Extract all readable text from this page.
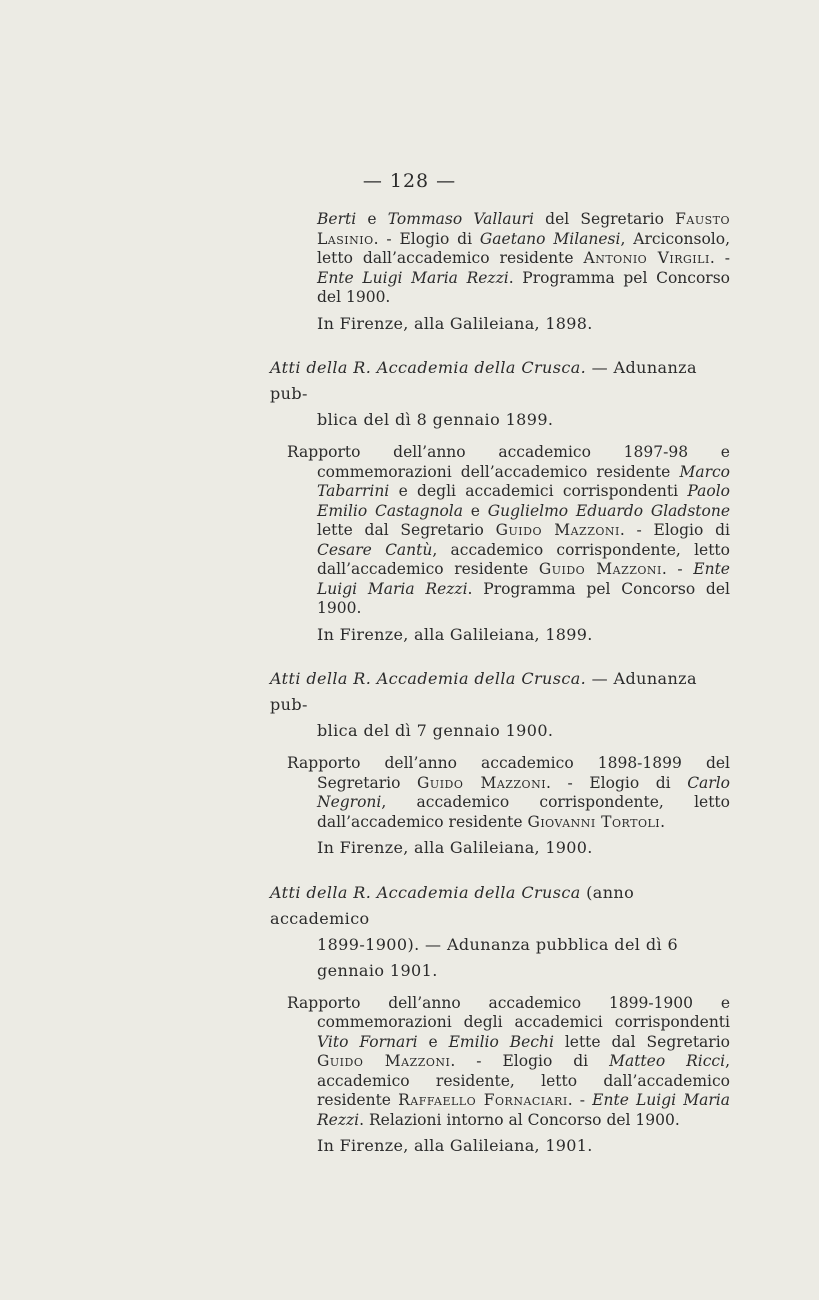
— 128 —
Berti e Tommaso Vallauri del Segretario Fausto Lasinio. - Elogio di Gaetano Milanesi, Arciconsolo, letto dall’accademico residente Antonio Virgili. - Ente Luigi Maria Rezzi. Programma pel Concorso del 1900.
In Firenze, alla Galileiana, 1898.
Atti della R. Accademia della Crusca. — Adunanza pub-
blica del dì 8 gennaio 1899.
Rapporto dell’anno accademico 1897-98 e commemorazioni dell’accademico residente Marco Tabarrini e degli accademici corrispondenti Paolo Emilio Castagnola e Guglielmo Eduardo Gladstone lette dal Segretario Guido Mazzoni. - Elogio di Cesare Cantù, accademico corrispondente, letto dall’accademico residente Guido Mazzoni. - Ente Luigi Maria Rezzi. Programma pel Concorso del 1900.
In Firenze, alla Galileiana, 1899.
Atti della R. Accademia della Crusca. — Adunanza pub-
blica del dì 7 gennaio 1900.
Rapporto dell’anno accademico 1898-1899 del Segretario Guido Mazzoni. - Elogio di Carlo Negroni, accademico corrispondente, letto dall’accademico residente Giovanni Tortoli.
In Firenze, alla Galileiana, 1900.
Atti della R. Accademia della Crusca (anno accademico
1899-1900). — Adunanza pubblica del dì 6 gennaio 1901.
Rapporto dell’anno accademico 1899-1900 e commemorazioni degli accademici corrispondenti Vito Fornari e Emilio Bechi lette dal Segretario Guido Mazzoni. - Elogio di Matteo Ricci, accademico residente, letto dall’accademico residente Raffaello Fornaciari. - Ente Luigi Maria Rezzi. Relazioni intorno al Concorso del 1900.
In Firenze, alla Galileiana, 1901.
